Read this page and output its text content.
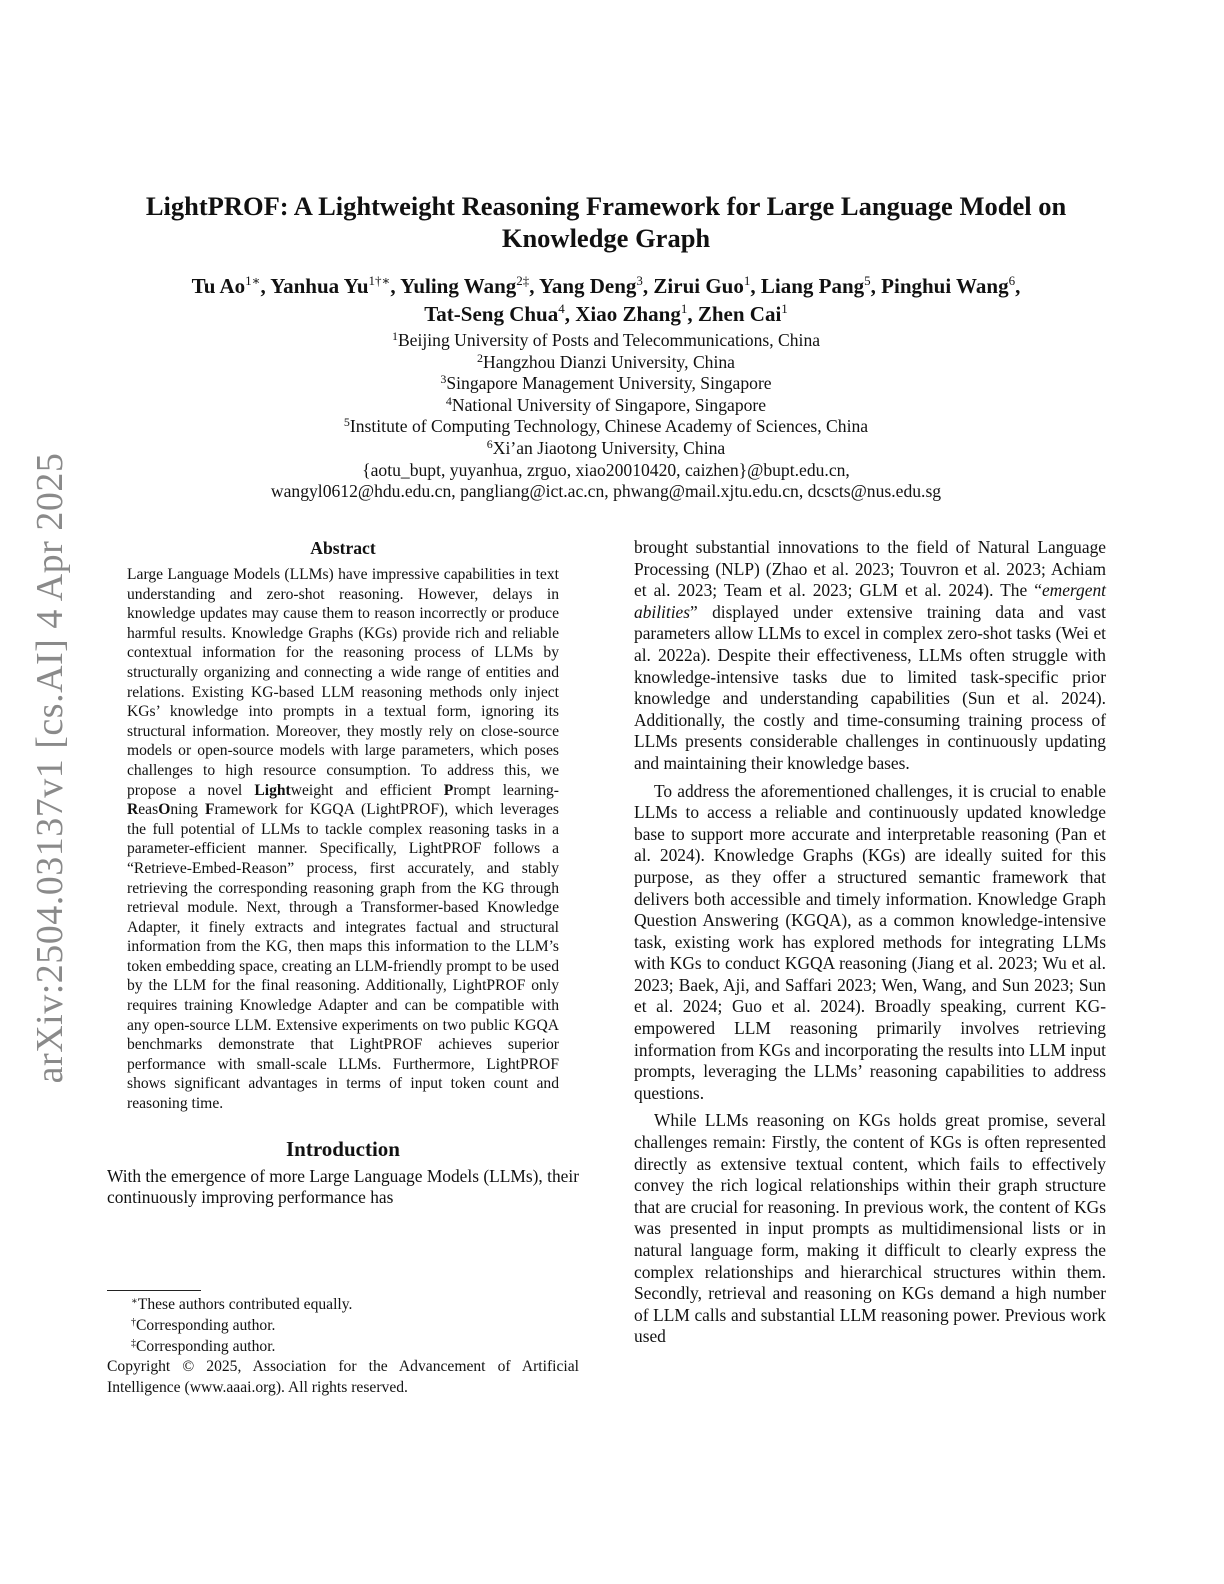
arXiv:2504.03137v1 [cs.AI] 4 Apr 2025
LightPROF: A Lightweight Reasoning Framework for Large Language Model on
Knowledge Graph
Tu $Ao^{1∗}$, Yanhua $Yu^{1\dagger∗}$, Yuling Wang$^{2\ddagger}$, Yang Deng$^3$, Zirui Guo$^1$, Liang Pang$^5$, Pinghui Wang$^6$,
Tat-Seng Chua$^4$, Xiao Zhang$^1$, Zhen Cai$^1$
$^1$Beijing University of Posts and Telecommunications, China
$^2$Hangzhou Dianzi University, China
$^3$Singapore Management University, Singapore
$^4$National University of Singapore, Singapore
$^5$Institute of Computing Technology, Chinese Academy of Sciences, China
$^6$Xi’an Jiaotong University, China
{aotu_bupt, yuyanhua, zrguo, xiao20010420, caizhen}@bupt.edu.cn,
wangyl0612@hdu.edu.cn, pangliang@ict.ac.cn, phwang@mail.xjtu.edu.cn, dcscts@nus.edu.sg
Abstract
Large Language Models (LLMs) have impressive capabilities in text understanding and zero-shot reasoning. However, delays in knowledge updates may cause them to reason incorrectly or produce harmful results. Knowledge Graphs (KGs) provide rich and reliable contextual information for the reasoning process of LLMs by structurally organizing and connecting a wide range of entities and relations. Existing KG-based LLM reasoning methods only inject KGs’ knowledge into prompts in a textual form, ignoring its structural information. Moreover, they mostly rely on close-source models or open-source models with large parameters, which poses challenges to high resource consumption. To address this, we propose a novel Lightweight and efficient Prompt learning-ReasOning Framework for KGQA (LightPROF), which leverages the full potential of LLMs to tackle complex reasoning tasks in a parameter-efficient manner. Specifically, LightPROF follows a “Retrieve-Embed-Reason” process, first accurately, and stably retrieving the corresponding reasoning graph from the KG through retrieval module. Next, through a Transformer-based Knowledge Adapter, it finely extracts and integrates factual and structural information from the KG, then maps this information to the LLM’s token embedding space, creating an LLM-friendly prompt to be used by the LLM for the final reasoning. Additionally, LightPROF only requires training Knowledge Adapter and can be compatible with any open-source LLM. Extensive experiments on two public KGQA benchmarks demonstrate that LightPROF achieves superior performance with small-scale LLMs. Furthermore, LightPROF shows significant advantages in terms of input token count and reasoning time.
Introduction

With the emergence of more Large Language Models (LLMs), their continuously improving performance has

∗These authors contributed equally.
†Corresponding author.
‡Corresponding author.
Copyright © 2025, Association for the Advancement of Artificial Intelligence (www.aaai.org). All rights reserved.

brought substantial innovations to the field of Natural Language Processing (NLP) (Zhao et al. 2023; Touvron et al. 2023; Achiam et al. 2023; Team et al. 2023; GLM et al. 2024). The “emergent abilities” displayed under extensive training data and vast parameters allow LLMs to excel in complex zero-shot tasks (Wei et al. 2022a). Despite their effectiveness, LLMs often struggle with knowledge-intensive tasks due to limited task-specific prior knowledge and understanding capabilities (Sun et al. 2024). Additionally, the costly and time-consuming training process of LLMs presents considerable challenges in continuously updating and maintaining their knowledge bases.

To address the aforementioned challenges, it is crucial to enable LLMs to access a reliable and continuously updated knowledge base to support more accurate and interpretable reasoning (Pan et al. 2024). Knowledge Graphs (KGs) are ideally suited for this purpose, as they offer a structured semantic framework that delivers both accessible and timely information. Knowledge Graph Question Answering (KGQA), as a common knowledge-intensive task, existing work has explored methods for integrating LLMs with KGs to conduct KGQA reasoning (Jiang et al. 2023; Wu et al. 2023; Baek, Aji, and Saffari 2023; Wen, Wang, and Sun 2023; Sun et al. 2024; Guo et al. 2024). Broadly speaking, current KG-empowered LLM reasoning primarily involves retrieving information from KGs and incorporating the results into LLM input prompts, leveraging the LLMs’ reasoning capabilities to address questions.

While LLMs reasoning on KGs holds great promise, several challenges remain: Firstly, the content of KGs is often represented directly as extensive textual content, which fails to effectively convey the rich logical relationships within their graph structure that are crucial for reasoning. In previous work, the content of KGs was presented in input prompts as multidimensional lists or in natural language form, making it difficult to clearly express the complex relationships and hierarchical structures within them. Secondly, retrieval and reasoning on KGs demand a high number of LLM calls and substantial LLM reasoning power. Previous work used
